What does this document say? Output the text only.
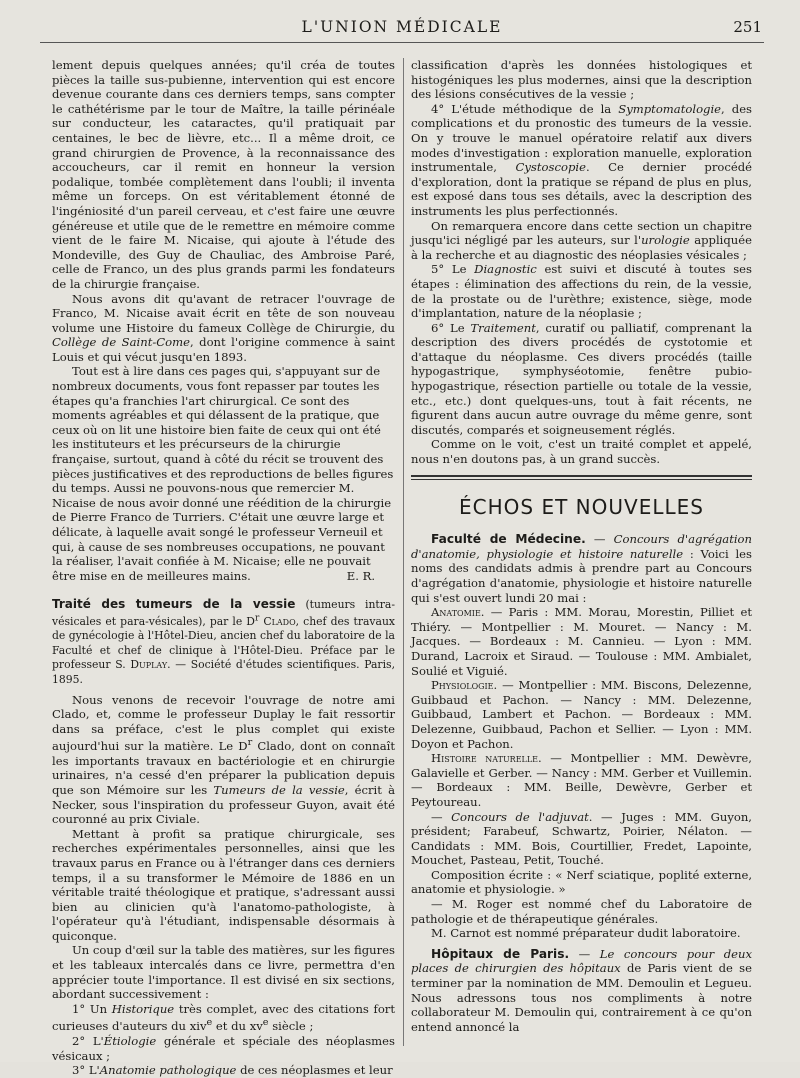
L'UNION MÉDICALE	251

lement depuis quelques années; qu'il créa de toutes pièces la taille sus-pubienne, intervention qui est encore devenue courante dans ces derniers temps, sans compter le cathétérisme par le tour de Maître, la taille périnéale sur conducteur, les cataractes, qu'il pratiquait par centaines, le bec de lièvre, etc... Il a même droit, ce grand chirurgien de Provence, à la reconnaissance des accoucheurs, car il remit en honneur la version podalique, tombée complètement dans l'oubli; il inventa même un forceps. On est véritablement étonné de l'ingéniosité d'un pareil cerveau, et c'est faire une œuvre généreuse et utile que de le remettre en mémoire comme vient de le faire M. Nicaise, qui ajoute à l'étude des Mondeville, des Guy de Chauliac, des Ambroise Paré, celle de Franco, un des plus grands parmi les fondateurs de la chirurgie française.

Nous avons dit qu'avant de retracer l'ouvrage de Franco, M. Nicaise avait écrit en tête de son nouveau volume une Histoire du fameux Collège de Chirurgie, du Collège de Saint-Come, dont l'origine commence à saint Louis et qui vécut jusqu'en 1893.

Tout est à lire dans ces pages qui, s'appuyant sur de nombreux documents, vous font repasser par toutes les étapes qu'a franchies l'art chirurgical. Ce sont des moments agréables et qui délassent de la pratique, que ceux où on lit une histoire bien faite de ceux qui ont été les instituteurs et les précurseurs de la chirurgie française, surtout, quand à côté du récit se trouvent des pièces justificatives et des reproductions de belles figures du temps. Aussi ne pouvons-nous que remercier M. Nicaise de nous avoir donné une réédition de la chirurgie de Pierre Franco de Turriers. C'était une œuvre large et délicate, à laquelle avait songé le professeur Verneuil et qui, à cause de ses nombreuses occupations, ne pouvant la réaliser, l'avait confiée à M. Nicaise; elle ne pouvait être mise en de meilleures mains.	E. R.

Traité des tumeurs de la vessie (tumeurs intra-vésicales et para-vésicales), par le $D^r$ Clado, chef des travaux de gynécologie à l'Hôtel-Dieu, ancien chef du laboratoire de la Faculté et chef de clinique à l'Hôtel-Dieu. Préface par le professeur S. Duplay. — Société d'études scientifiques. Paris, 1895.

Nous venons de recevoir l'ouvrage de notre ami Clado, et, comme le professeur Duplay le fait ressortir dans sa préface, c'est le plus complet qui existe aujourd'hui sur la matière. Le $D^r$ Clado, dont on connaît les importants travaux en bactériologie et en chirurgie urinaires, n'a cessé d'en préparer la publication depuis que son Mémoire sur les Tumeurs de la vessie, écrit à Necker, sous l'inspiration du professeur Guyon, avait été couronné au prix Civiale.

Mettant à profit sa pratique chirurgicale, ses recherches expérimentales personnelles, ainsi que les travaux parus en France ou à l'étranger dans ces derniers temps, il a su transformer le Mémoire de 1886 en un véritable traité théologique et pratique, s'adressant aussi bien au clinicien qu'à l'anatomo-pathologiste, à l'opérateur qu'à l'étudiant, indispensable désormais à quiconque.

Un coup d'œil sur la table des matières, sur les figures et les tableaux intercalés dans ce livre, permettra d'en apprécier toute l'importance. Il est divisé en six sections, abordant successivement :

1° Un Historique très complet, avec des citations fort curieuses d'auteurs du xiv$^e$ et du $xv^e$ siècle ;

2° L'Étiologie générale et spéciale des néoplasmes vésicaux ;

3° L'Anatomie pathologique de ces néoplasmes et leur

classification d'après les données histologiques et histogéniques les plus modernes, ainsi que la description des lésions consécutives de la vessie ;

4° L'étude méthodique de la Symptomatologie, des complications et du pronostic des tumeurs de la vessie. On y trouve le manuel opératoire relatif aux divers modes d'investigation : exploration manuelle, exploration instrumentale, Cystoscopie. Ce dernier procédé d'exploration, dont la pratique se répand de plus en plus, est exposé dans tous ses détails, avec la description des instruments les plus perfectionnés.

On remarquera encore dans cette section un chapitre jusqu'ici négligé par les auteurs, sur l'urologie appliquée à la recherche et au diagnostic des néoplasies vésicales ;

5° Le Diagnostic est suivi et discuté à toutes ses étapes : élimination des affections du rein, de la vessie, de la prostate ou de l'urèthre; existence, siège, mode d'implantation, nature de la néoplasie ;

6° Le Traitement, curatif ou palliatif, comprenant la description des divers procédés de cystotomie et d'attaque du néoplasme. Ces divers procédés (taille hypogastrique, symphyséotomie, fenêtre pubio-hypogastrique, résection partielle ou totale de la vessie, etc., etc.) dont quelques-uns, tout à fait récents, ne figurent dans aucun autre ouvrage du même genre, sont discutés, comparés et soigneusement réglés.

Comme on le voit, c'est un traité complet et appelé, nous n'en doutons pas, à un grand succès.

ÉCHOS ET NOUVELLES

Faculté de Médecine. — Concours d'agrégation d'anatomie, physiologie et histoire naturelle : Voici les noms des candidats admis à prendre part au Concours d'agrégation d'anatomie, physiologie et histoire naturelle qui s'est ouvert lundi 20 mai :

Anatomie. — Paris : MM. Morau, Morestin, Pilliet et Thiéry. — Montpellier : M. Mouret. — Nancy : M. Jacques. — Bordeaux : M. Cannieu. — Lyon : MM. Durand, Lacroix et Siraud. — Toulouse : MM. Ambialet, Soulié et Viguié.

Physiologie. — Montpellier : MM. Biscons, Delezenne, Guibbaud et Pachon. — Nancy : MM. Delezenne, Guibbaud, Lambert et Pachon. — Bordeaux : MM. Delezenne, Guibbaud, Pachon et Sellier. — Lyon : MM. Doyon et Pachon.

Histoire naturelle. — Montpellier : MM. Dewèvre, Galavielle et Gerber. — Nancy : MM. Gerber et Vuillemin. — Bordeaux : MM. Beille, Dewèvre, Gerber et Peytoureau.

— Concours de l'adjuvat. — Juges : MM. Guyon, président; Farabeuf, Schwartz, Poirier, Nélaton. — Candidats : MM. Bois, Courtillier, Fredet, Lapointe, Mouchet, Pasteau, Petit, Touché.

Composition écrite : « Nerf sciatique, poplité externe, anatomie et physiologie. »

— M. Roger est nommé chef du Laboratoire de pathologie et de thérapeutique générales.

M. Carnot est nommé préparateur dudit laboratoire.

Hôpitaux de Paris. — Le concours pour deux places de chirurgien des hôpitaux de Paris vient de se terminer par la nomination de MM. Demoulin et Legueu. Nous adressons tous nos compliments à notre collaborateur M. Demoulin qui, contrairement à ce qu'on entend annoncé la
